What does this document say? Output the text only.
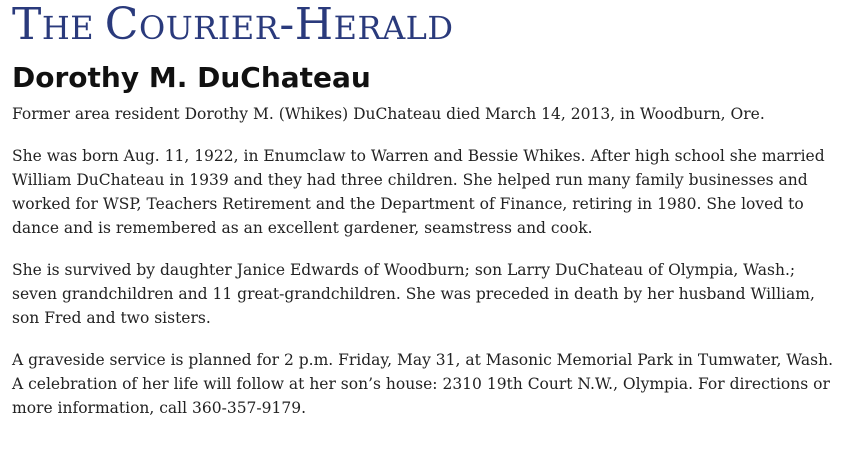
THE COURIER-HERALD
Dorothy M. DuChateau

Former area resident Dorothy M. (Whikes) DuChateau died March 14, 2013, in Woodburn, Ore.

She was born Aug. 11, 1922, in Enumclaw to Warren and Bessie Whikes. After high school she married William DuChateau in 1939 and they had three children. She helped run many family businesses and worked for WSP, Teachers Retirement and the Department of Finance, retiring in 1980. She loved to dance and is remembered as an excellent gardener, seamstress and cook.

She is survived by daughter Janice Edwards of Woodburn; son Larry DuChateau of Olympia, Wash.; seven grandchildren and 11 great-grandchildren. She was preceded in death by her husband William, son Fred and two sisters.

A graveside service is planned for 2 p.m. Friday, May 31, at Masonic Memorial Park in Tumwater, Wash. A celebration of her life will follow at her son’s house: 2310 19th Court N.W., Olympia. For directions or more information, call 360-357-9179.
